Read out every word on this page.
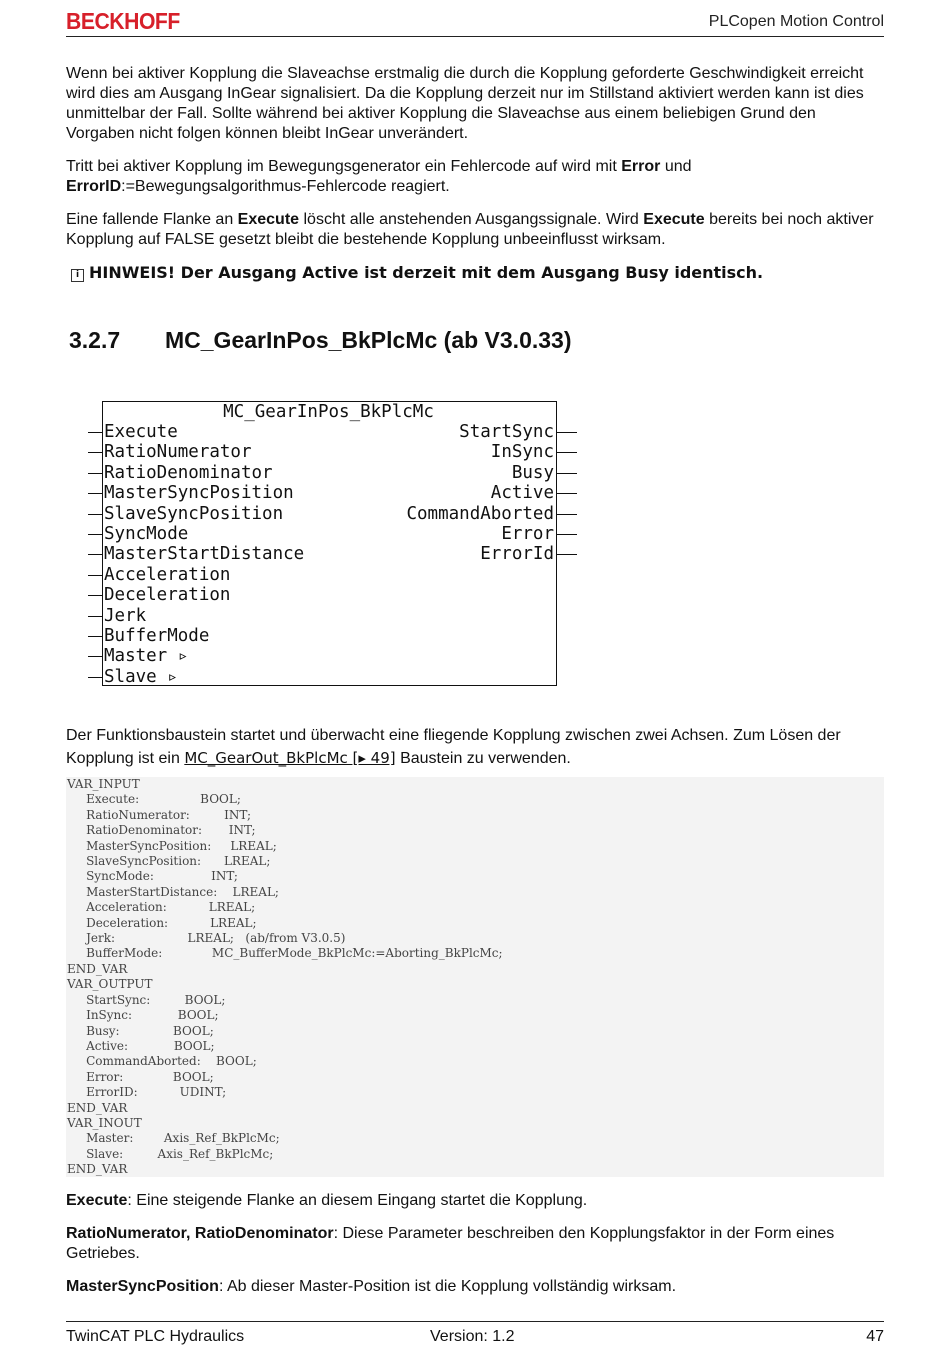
BECKHOFF	PLCopen Motion Control

Wenn bei aktiver Kopplung die Slaveachse erstmalig die durch die Kopplung geforderte Geschwindigkeit erreicht wird dies am Ausgang InGear signalisiert. Da die Kopplung derzeit nur im Stillstand aktiviert werden kann ist dies unmittelbar der Fall. Sollte während bei aktiver Kopplung die Slaveachse aus einem beliebigen Grund den Vorgaben nicht folgen können bleibt InGear unverändert.

Tritt bei aktiver Kopplung im Bewegungsgenerator ein Fehlercode auf wird mit Error und
ErrorID:=Bewegungsalgorithmus-Fehlercode reagiert.

Eine fallende Flanke an Execute löscht alle anstehenden Ausgangssignale. Wird Execute bereits bei noch aktiver Kopplung auf FALSE gesetzt bleibt die bestehende Kopplung unbeeinflusst wirksam.

i HINWEIS! Der Ausgang Active ist derzeit mit dem Ausgang Busy identisch.
3.2.7 MC_GearInPos_BkPlcMc (ab V3.0.33)
MC_GearInPos_BkPlcMc
Execute
RatioNumerator
RatioDenominator
MasterSyncPosition
SlaveSyncPosition
SyncMode
MasterStartDistance
Acceleration
Deceleration
Jerk
BufferMode
Master ▹
Slave ▹
StartSync
InSync
Busy
Active
CommandAborted
Error
ErrorId
Der Funktionsbaustein startet und überwacht eine fliegende Kopplung zwischen zwei Achsen. Zum Lösen der Kopplung ist ein MC_GearOut_BkPlcMc [▸ 49] Baustein zu verwenden.
VAR_INPUT
Execute:                BOOL;
RatioNumerator:         INT;
RatioDenominator:       INT;
MasterSyncPosition:     LREAL;
SlaveSyncPosition:      LREAL;
SyncMode:               INT;
MasterStartDistance:    LREAL;
Acceleration:           LREAL;
Deceleration:           LREAL;
Jerk:                   LREAL;   (ab/from V3.0.5)
BufferMode:             MC_BufferMode_BkPlcMc:=Aborting_BkPlcMc;
END_VAR
VAR_OUTPUT
StartSync:         BOOL;
InSync:            BOOL;
Busy:              BOOL;
Active:            BOOL;
CommandAborted:    BOOL;
Error:             BOOL;
ErrorID:           UDINT;
END_VAR
VAR_INOUT
Master:        Axis_Ref_BkPlcMc;
Slave:         Axis_Ref_BkPlcMc;
END_VAR

Execute: Eine steigende Flanke an diesem Eingang startet die Kopplung.

RatioNumerator, RatioDenominator: Diese Parameter beschreiben den Kopplungsfaktor in der Form eines Getriebes.

MasterSyncPosition: Ab dieser Master-Position ist die Kopplung vollständig wirksam.

TwinCAT PLC Hydraulics	Version: 1.2	47
